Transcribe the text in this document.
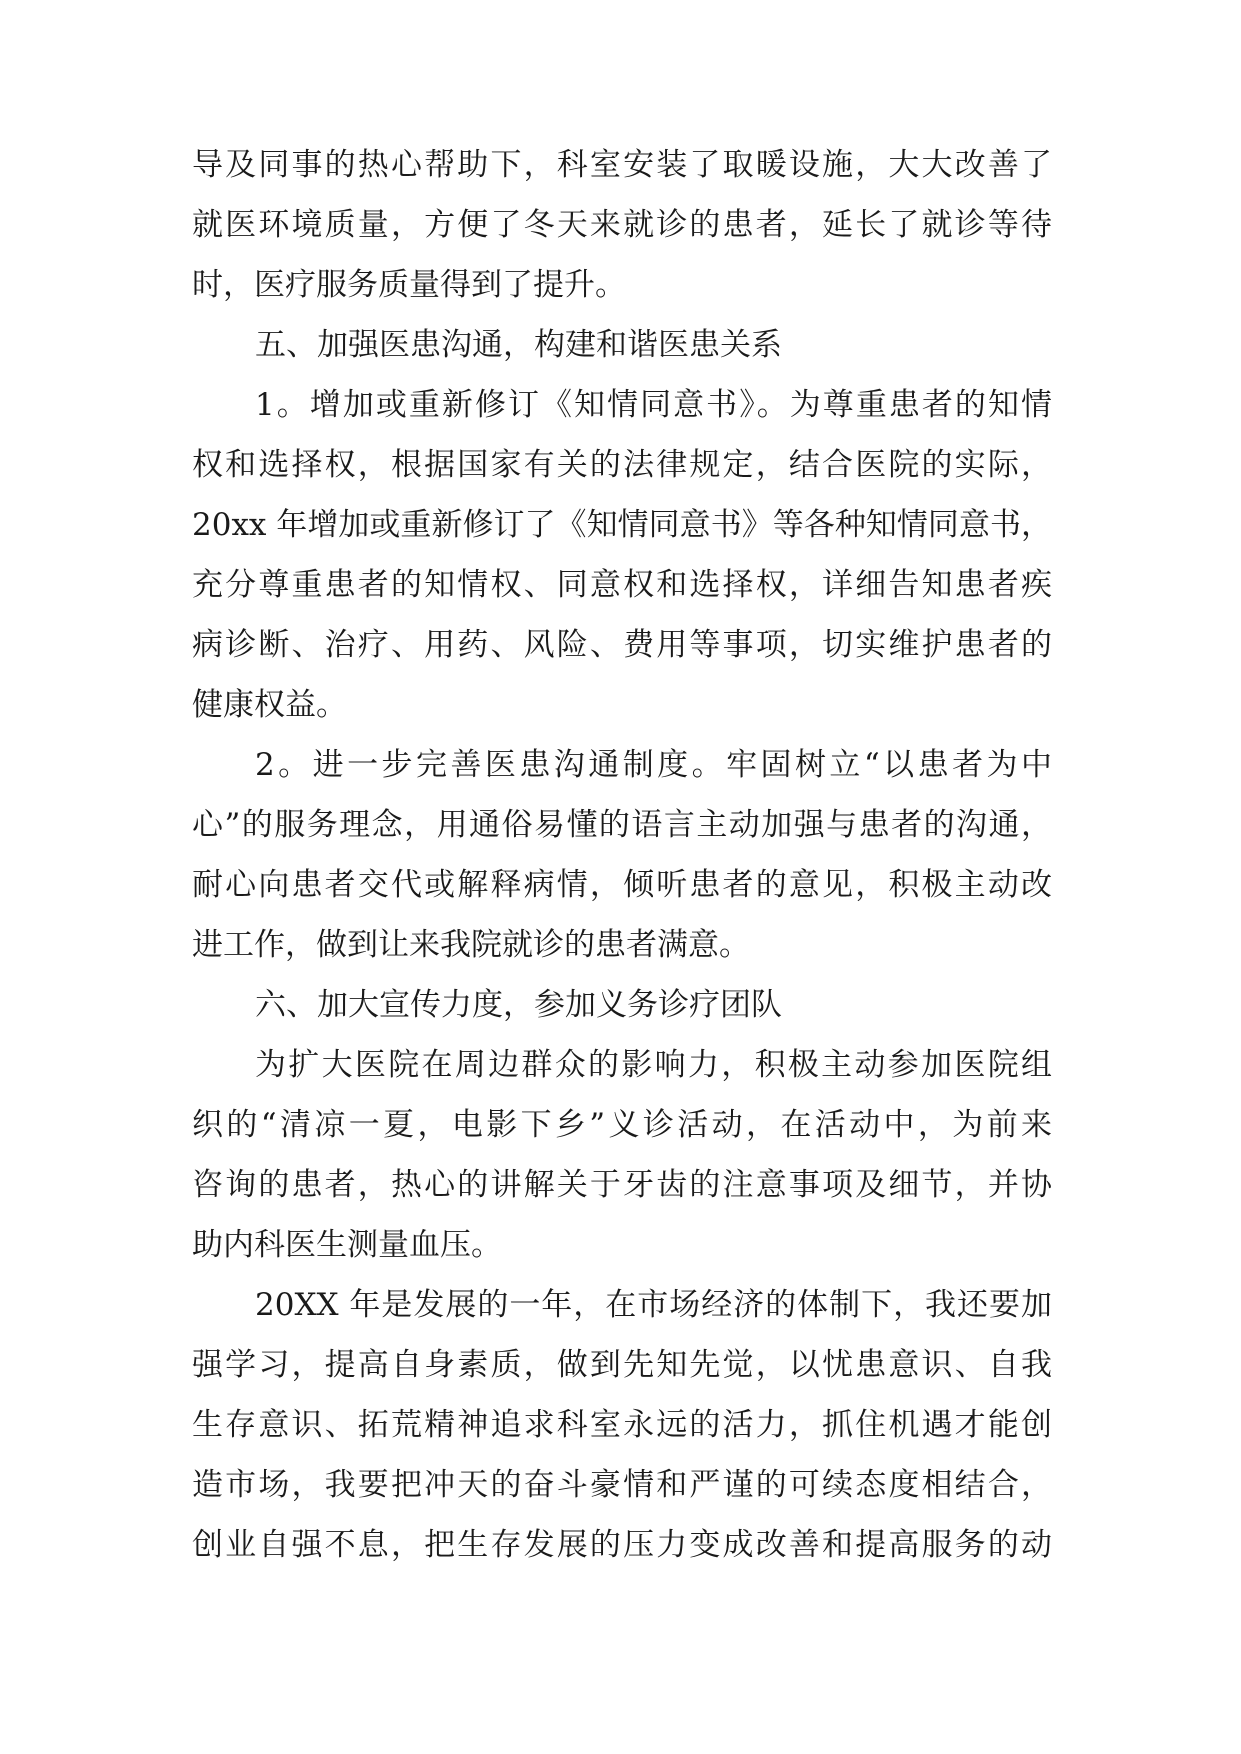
导及同事的热心帮助下，科室安装了取暖设施，大大改善了
就医环境质量，方便了冬天来就诊的患者，延长了就诊等待
时，医疗服务质量得到了提升。
五、加强医患沟通，构建和谐医患关系
1。增加或重新修订《知情同意书》。为尊重患者的知情
权和选择权，根据国家有关的法律规定，结合医院的实际，
20xx 年增加或重新修订了《知情同意书》等各种知情同意书，
充分尊重患者的知情权、同意权和选择权，详细告知患者疾
病诊断、治疗、用药、风险、费用等事项，切实维护患者的
健康权益。
2。进一步完善医患沟通制度。牢固树立“以患者为中
心”的服务理念，用通俗易懂的语言主动加强与患者的沟通，
耐心向患者交代或解释病情，倾听患者的意见，积极主动改
进工作，做到让来我院就诊的患者满意。
六、加大宣传力度，参加义务诊疗团队
为扩大医院在周边群众的影响力，积极主动参加医院组
织的“清凉一夏，电影下乡”义诊活动，在活动中，为前来
咨询的患者，热心的讲解关于牙齿的注意事项及细节，并协
助内科医生测量血压。
20XX 年是发展的一年，在市场经济的体制下，我还要加
强学习，提高自身素质，做到先知先觉，以忧患意识、自我
生存意识、拓荒精神追求科室永远的活力，抓住机遇才能创
造市场，我要把冲天的奋斗豪情和严谨的可续态度相结合，
创业自强不息，把生存发展的压力变成改善和提高服务的动
